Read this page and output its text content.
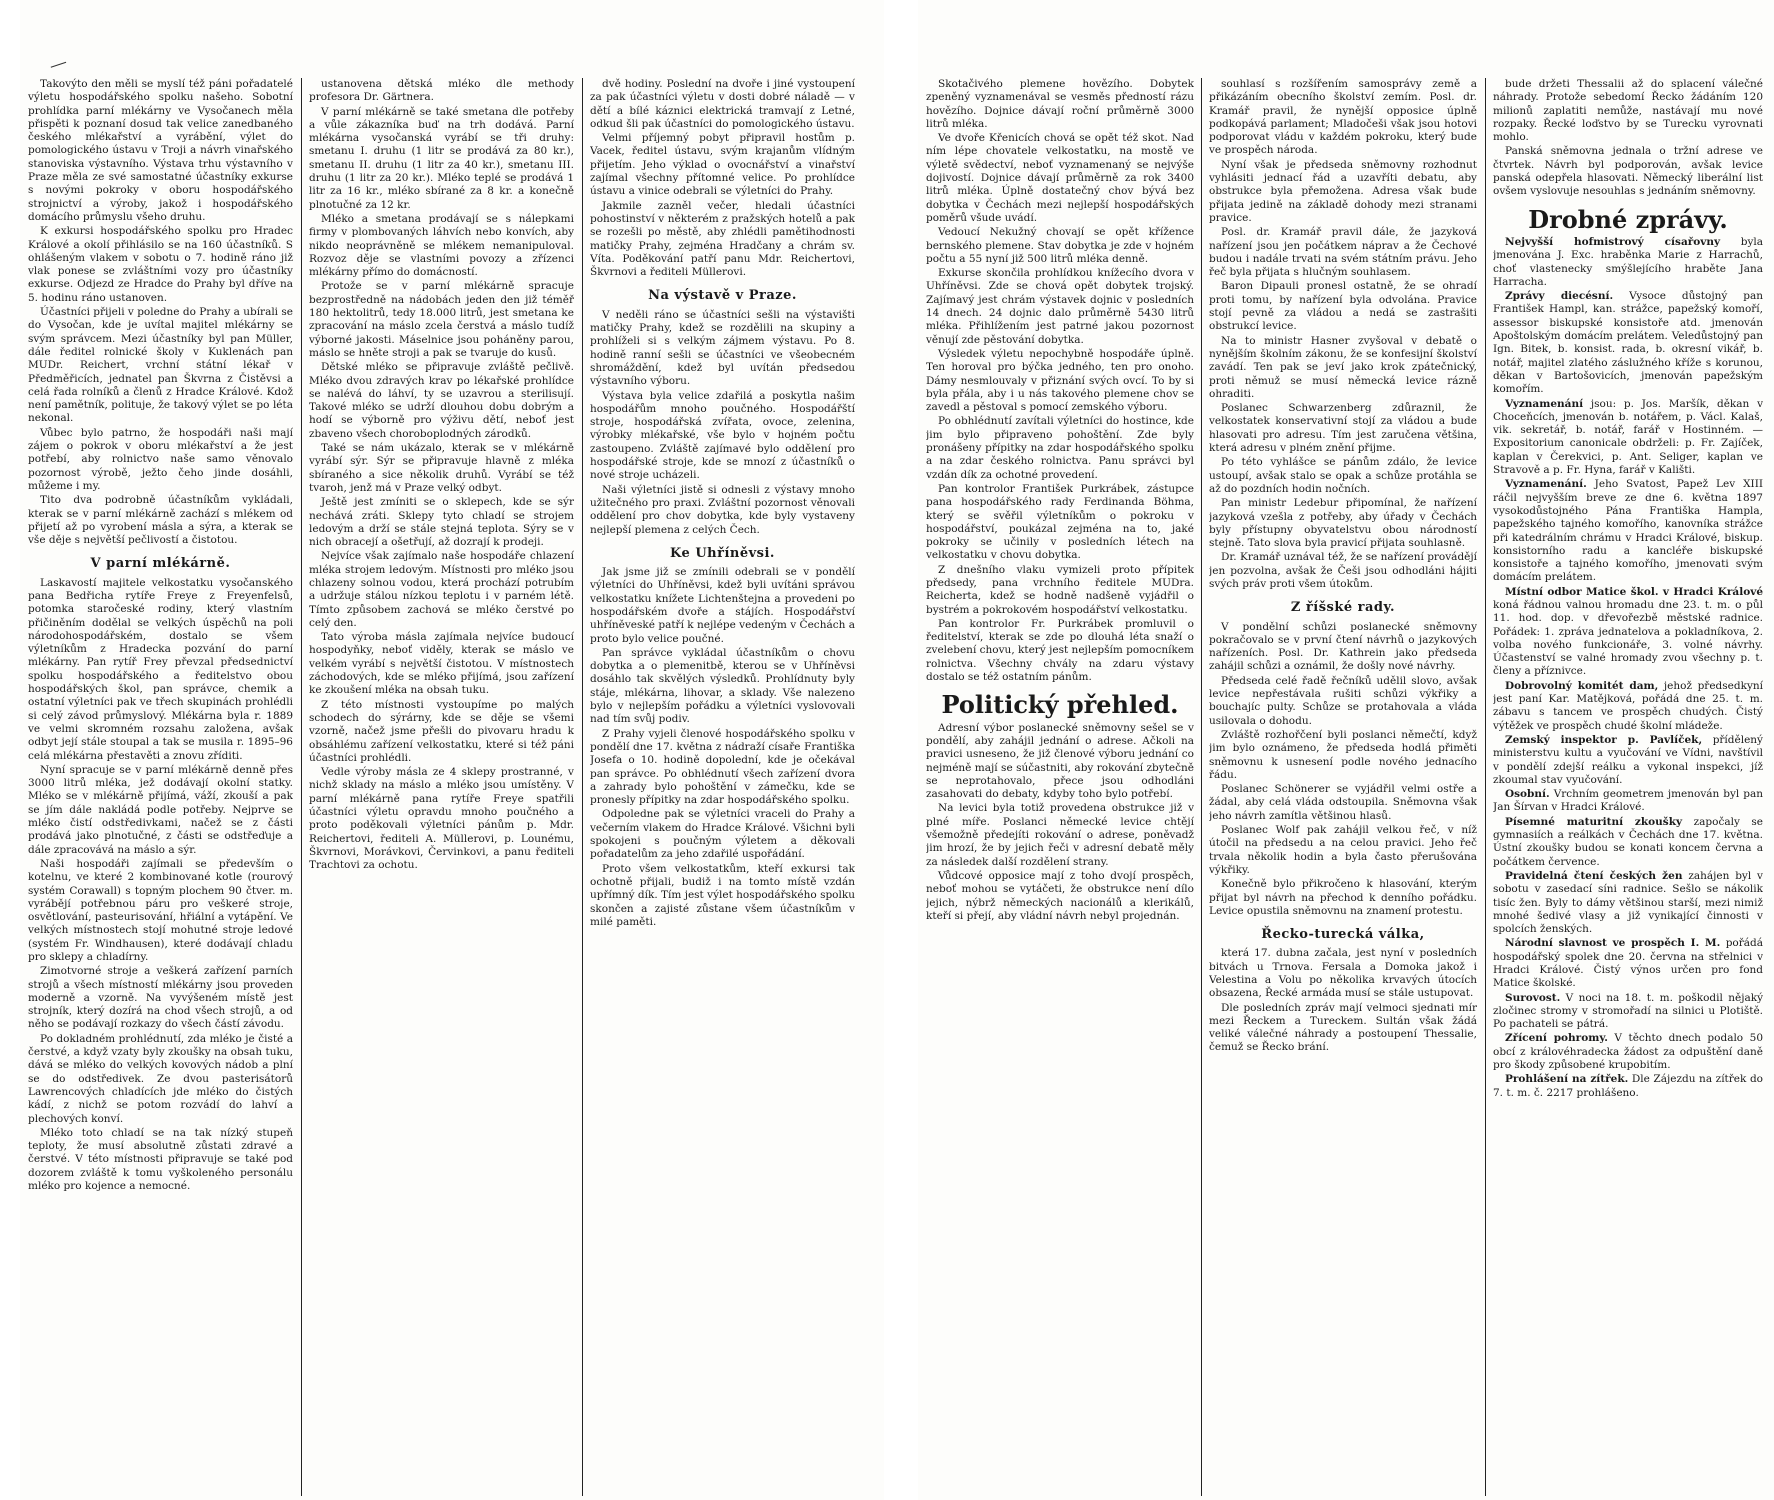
Takovýto den měli se myslí též páni pořadatelé výletu hospodářského spolku našeho. Sobotní prohlídka parní mlékárny ve Vysočanech měla přispěti k poznaní dosud tak velice zanedbaného českého mlékařství a vyrábění, výlet do pomologického ústavu v Troji a návrh vinařského stanoviska výstavního. Výstava trhu výstavního v Praze měla ze své samostatné účastníky exkurse s novými pokroky v oboru hospodářského strojnictví a výroby, jakož i hospodářského domácího průmyslu všeho druhu.

K exkursi hospodářského spolku pro Hradec Králové a okolí přihlásilo se na 160 účastníků. S ohlášeným vlakem v sobotu o 7. hodině ráno již vlak ponese se zvláštními vozy pro účastníky exkurse. Odjezd ze Hradce do Prahy byl dříve na 5. hodinu ráno ustanoven.

Účastníci přijeli v poledne do Prahy a ubírali se do Vysočan, kde je uvítal majitel mlékárny se svým správcem. Mezi účastníky byl pan Müller, dále ředitel rolnické školy v Kuklenách pan MUDr. Reichert, vrchní státní lékař v Předměřicích, jednatel pan Škvrna z Čistěvsi a celá řada rolníků a členů z Hradce Králové. Kdož není pamětník, polituje, že takový výlet se po léta nekonal.

Vůbec bylo patrno, že hospodáři naši mají zájem o pokrok v oboru mlékařství a že jest potřebí, aby rolnictvo naše samo věnovalo pozornost výrobě, ježto čeho jinde dosáhli, můžeme i my.

Tito dva podrobně účastníkům vykládali, kterak se v parní mlékárně zachází s mlékem od přijetí až po vyrobení másla a sýra, a kterak se vše děje s největší pečlivostí a čistotou.

V parní mlékárně.

Laskavostí majitele velkostatku vysočanského pana Bedřicha rytíře Freye z Freyenfelsů, potomka staročeské rodiny, který vlastním přičiněním dodělal se velkých úspěchů na poli národohospodářském, dostalo se všem výletníkům z Hradecka pozvání do parní mlékárny. Pan rytíř Frey převzal předsednictví spolku hospodářského a ředitelstvo obou hospodářských škol, pan správce, chemik a ostatní výletníci pak ve třech skupinách prohlédli si celý závod průmyslový. Mlékárna byla r. 1889 ve velmi skromném rozsahu založena, avšak odbyt její stále stoupal a tak se musila r. 1895–96 celá mlékárna přestavěti a znovu zříditi.

Nyní spracuje se v parní mlékárně denně přes 3000 litrů mléka, jež dodávají okolní statky. Mléko se v mlékárně přijímá, váží, zkouší a pak se jím dále nakládá podle potřeby. Nejprve se mléko čistí odstředivkami, načež se z části prodává jako plnotučné, z části se odstřeďuje a dále zpracovává na máslo a sýr.

Naši hospodáři zajímali se především o kotelnu, ve které 2 kombinované kotle (rourový systém Corawall) s topným plochem 90 čtver. m. vyrábějí potřebnou páru pro veškeré stroje, osvětlování, pasteurisování, hřiální a vytápění. Ve velkých místnostech stojí mohutné stroje ledové (systém Fr. Windhausen), které dodávají chladu pro sklepy a chladírny.

Zimotvorné stroje a veškerá zařízení parních strojů a všech místností mlékárny jsou proveden moderně a vzorně. Na vyvýšeném místě jest strojník, který dozírá na chod všech strojů, a od něho se podávají rozkazy do všech částí závodu.

Po dokladném prohlédnutí, zda mléko je čisté a čerstvé, a když vzaty byly zkoušky na obsah tuku, dává se mléko do velkých kovových nádob a plní se do odstředivek. Ze dvou pasterisátorů Lawrencových chladících jde mléko do čistých kádí, z nichž se potom rozvádí do lahví a plechových konví.

Mléko toto chladí se na tak nízký stupeň teploty, že musí absolutně zůstati zdravé a čerstvé. V této místnosti připravuje se také pod dozorem zvláště k tomu vyškoleného personálu mléko pro kojence a nemocné.

ustanovena dětská mléko dle methody profesora Dr. Gärtnera.

V parní mlékárně se také smetana dle potřeby a vůle zákazníka buď na trh dodává. Parní mlékárna vysočanská vyrábí se tři druhy: smetanu I. druhu (1 litr se prodává za 80 kr.), smetanu II. druhu (1 litr za 40 kr.), smetanu III. druhu (1 litr za 20 kr.). Mléko teplé se prodává 1 litr za 16 kr., mléko sbírané za 8 kr. a konečně plnotučné za 12 kr.

Mléko a smetana prodávají se s nálepkami firmy v plombovaných láhvích nebo konvích, aby nikdo neoprávněně se mlékem nemanipuloval. Rozvoz děje se vlastními povozy a zřízenci mlékárny přímo do domácností.

Protože se v parní mlékárně spracuje bezprostředně na nádobách jeden den již téměř 180 hektolitrů, tedy 18.000 litrů, jest smetana ke zpracování na máslo zcela čerstvá a máslo tudíž výborné jakosti. Máselnice jsou poháněny parou, máslo se hněte stroji a pak se tvaruje do kusů.

Dětské mléko se připravuje zvláště pečlivě. Mléko dvou zdravých krav po lékařské prohlídce se nalévá do láhví, ty se uzavrou a sterilisují. Takové mléko se udrží dlouhou dobu dobrým a hodí se výborně pro výživu dětí, neboť jest zbaveno všech choroboplodných zárodků.

Také se nám ukázalo, kterak se v mlékárně vyrábí sýr. Sýr se připravuje hlavně z mléka sbíraného a sice několik druhů. Vyrábí se též tvaroh, jenž má v Praze velký odbyt.

Ještě jest zmíniti se o sklepech, kde se sýr nechává zráti. Sklepy tyto chladí se strojem ledovým a drží se stále stejná teplota. Sýry se v nich obracejí a ošetřují, až dozrají k prodeji.

Nejvíce však zajímalo naše hospodáře chlazení mléka strojem ledovým. Místnosti pro mléko jsou chlazeny solnou vodou, která prochází potrubím a udržuje stálou nízkou teplotu i v parném létě. Tímto způsobem zachová se mléko čerstvé po celý den.

Tato výroba másla zajímala nejvíce budoucí hospodyňky, neboť viděly, kterak se máslo ve velkém vyrábí s největší čistotou. V místnostech záchodových, kde se mléko přijímá, jsou zařízení ke zkoušení mléka na obsah tuku.

Z této místnosti vystoupíme po malých schodech do sýrárny, kde se děje se všemi vzorně, načež jsme přešli do pivovaru hradu k obsáhlému zařízení velkostatku, které si též páni účastníci prohlédli.

Vedle výroby másla ze 4 sklepy prostranné, v nichž sklady na máslo a mléko jsou umístěny. V parní mlékárně pana rytíře Freye spatřili účastníci výletu opravdu mnoho poučného a proto poděkovali výletníci pánům p. Mdr. Reichertovi, řediteli A. Müllerovi, p. Lounému, Škvrnovi, Morávkovi, Červinkovi, a panu řediteli Trachtovi za ochotu.

dvě hodiny. Poslední na dvoře i jiné vystoupení za pak účastníci výletu v dosti dobré náladě — v dětí a bílé káznici elektrická tramvají z Letné, odkud šli pak účastníci do pomologického ústavu.

Velmi příjemný pobyt připravil hostům p. Vacek, ředitel ústavu, svým krajanům vlídným přijetím. Jeho výklad o ovocnářství a vinařství zajímal všechny přítomné velice. Po prohlídce ústavu a vinice odebrali se výletníci do Prahy.

Jakmile zazněl večer, hledali účastníci pohostinství v některém z pražských hotelů a pak se rozešli po městě, aby zhlédli pamětihodnosti matičky Prahy, zejména Hradčany a chrám sv. Víta. Poděkování patří panu Mdr. Reichertovi, Škvrnovi a řediteli Müllerovi.

Na výstavě v Praze.

V neděli ráno se účastníci sešli na výstavišti matičky Prahy, kdež se rozdělili na skupiny a prohlíželi si s velkým zájmem výstavu. Po 8. hodině ranní sešli se účastníci ve všeobecném shromáždění, kdež byl uvítán předsedou výstavního výboru.

Výstava byla velice zdařilá a poskytla našim hospodářům mnoho poučného. Hospodářští stroje, hospodářská zvířata, ovoce, zelenina, výrobky mlékařské, vše bylo v hojném počtu zastoupeno. Zvláště zajímavé bylo oddělení pro hospodářské stroje, kde se mnozí z účastníků o nové stroje ucházeli.

Naši výletníci jistě si odnesli z výstavy mnoho užitečného pro praxi. Zvláštní pozornost věnovali oddělení pro chov dobytka, kde byly vystaveny nejlepší plemena z celých Čech.

Ke Uhříněvsi.

Jak jsme již se zmínili odebrali se v pondělí výletníci do Uhříněvsi, kdež byli uvítáni správou velkostatku knížete Lichtenštejna a provedeni po hospodářském dvoře a stájích. Hospodářství uhříněveské patří k nejlépe vedeným v Čechách a proto bylo velice poučné.

Pan správce vykládal účastníkům o chovu dobytka a o plemenitbě, kterou se v Uhříněvsi dosáhlo tak skvělých výsledků. Prohlídnuty byly stáje, mlékárna, lihovar, a sklady. Vše nalezeno bylo v nejlepším pořádku a výletníci vyslovovali nad tím svůj podiv.

Z Prahy vyjeli členové hospodářského spolku v pondělí dne 17. května z nádraží císaře Františka Josefa o 10. hodině dopolední, kde je očekával pan správce. Po obhlédnutí všech zařízení dvora a zahrady bylo pohoštění v zámečku, kde se pronesly přípitky na zdar hospodářského spolku.

Odpoledne pak se výletníci vraceli do Prahy a večerním vlakem do Hradce Králové. Všichni byli spokojeni s poučným výletem a děkovali pořadatelům za jeho zdařilé uspořádání.

Proto všem velkostatkům, kteří exkursi tak ochotně přijali, budiž i na tomto místě vzdán upřímný dík. Tím jest výlet hospodářského spolku skončen a zajisté zůstane všem účastníkům v milé paměti.

Skotačivého plemene hovězího. Dobytek zpeněný vyznamenával se vesměs předností rázu hovězího. Dojnice dávají roční průměrně 3000 litrů mléka.

Ve dvoře Křenicích chová se opět též skot. Nad ním lépe chovatele velkostatku, na mostě ve výletě svědectví, neboť vyznamenaný se nejvýše dojivostí. Dojnice dávají průměrně za rok 3400 litrů mléka. Úplně dostatečný chov bývá bez dobytka v Čechách mezi nejlepší hospodářských poměrů všude uvádí.

Vedoucí Nekužný chovají se opět křížence bernského plemene. Stav dobytka je zde v hojném počtu a 55 nyní již 500 litrů mléka denně.

Exkurse skončila prohlídkou knížecího dvora v Uhříněvsi. Zde se chová opět dobytek trojský. Zajímavý jest chrám výstavek dojnic v posledních 14 dnech. 24 dojnic dalo průměrně 5430 litrů mléka. Přihlížením jest patrné jakou pozornost věnují zde pěstování dobytka.

Výsledek výletu nepochybně hospodáře úplně. Ten horoval pro býčka jedného, ten pro onoho. Dámy nesmlouvaly v přiznání svých ovcí. To by si byla přála, aby i u nás takového plemene chov se zavedl a pěstoval s pomocí zemského výboru.

Po obhlédnutí zavítali výletníci do hostince, kde jim bylo připraveno pohoštění. Zde byly pronášeny přípitky na zdar hospodářského spolku a na zdar českého rolnictva. Panu správci byl vzdán dík za ochotné provedení.

Pan kontrolor František Purkrábek, zástupce pana hospodářského rady Ferdinanda Böhma, který se svěřil výletníkům o pokroku v hospodářství, poukázal zejména na to, jaké pokroky se učinily v posledních létech na velkostatku v chovu dobytka.

Z dnešního vlaku vymizeli proto přípitek předsedy, pana vrchního ředitele MUDra. Reicherta, kdež se hodně nadšeně vyjádřil o bystrém a pokrokovém hospodářství velkostatku.

Pan kontrolor Fr. Purkrábek promluvil o ředitelství, kterak se zde po dlouhá léta snaží o zvelebení chovu, který jest nejlepším pomocníkem rolnictva. Všechny chvály na zdaru výstavy dostalo se též ostatním pánům.

Politický přehled.

Adresní výbor poslanecké sněmovny sešel se v pondělí, aby zahájil jednání o adrese. Ačkoli na pravici usneseno, že již členové výboru jednání co nejméně mají se súčastniti, aby rokování zbytečně se neprotahovalo, přece jsou odhodláni zasahovati do debaty, kdyby toho bylo potřebí.

Na levici byla totiž provedena obstrukce již v plné míře. Poslanci německé levice chtějí všemožně předejíti rokování o adrese, poněvadž jim hrozí, že by jejich řeči v adresní debatě měly za následek další rozdělení strany.

Vůdcové opposice mají z toho dvojí prospěch, neboť mohou se vytáčeti, že obstrukce není dílo jejich, nýbrž německých nacionálů a klerikálů, kteří si přejí, aby vládní návrh nebyl projednán.

souhlasí s rozšířením samosprávy země a přikázáním obecního školství zemím. Posl. dr. Kramář pravil, že nynější opposice úplně podkopává parlament; Mladočeši však jsou hotovi podporovat vládu v každém pokroku, který bude ve prospěch národa.

Nyní však je předseda sněmovny rozhodnut vyhlásiti jednací řád a uzavříti debatu, aby obstrukce byla přemožena. Adresa však bude přijata jedině na základě dohody mezi stranami pravice.

Posl. dr. Kramář pravil dále, že jazyková nařízení jsou jen počátkem náprav a že Čechové budou i nadále trvati na svém státním právu. Jeho řeč byla přijata s hlučným souhlasem.

Baron Dipauli pronesl ostatně, že se ohradí proti tomu, by nařízení byla odvolána. Pravice stojí pevně za vládou a nedá se zastrašiti obstrukcí levice.

Na to ministr Hasner zvyšoval v debatě o nynějším školním zákonu, že se konfesijní školství zavádí. Ten pak se jeví jako krok zpátečnický, proti němuž se musí německá levice rázně ohraditi.

Poslanec Schwarzenberg zdůraznil, že velkostatek konservativní stojí za vládou a bude hlasovati pro adresu. Tím jest zaručena většina, která adresu v plném znění přijme.

Po této vyhlášce se pánům zdálo, že levice ustoupí, avšak stalo se opak a schůze protáhla se až do pozdních hodin nočních.

Pan ministr Ledebur připomínal, že nařízení jazyková vzešla z potřeby, aby úřady v Čechách byly přístupny obyvatelstvu obou národností stejně. Tato slova byla pravicí přijata souhlasně.

Dr. Kramář uznával též, že se nařízení provádějí jen pozvolna, avšak že Češi jsou odhodláni hájiti svých práv proti všem útokům.

Z říšské rady.

V pondělní schůzi poslanecké sněmovny pokračovalo se v první čtení návrhů o jazykových nařízeních. Posl. Dr. Kathrein jako předseda zahájil schůzi a oznámil, že došly nové návrhy.

Předseda celé řadě řečníků udělil slovo, avšak levice nepřestávala rušiti schůzi výkřiky a bouchajíc pulty. Schůze se protahovala a vláda usilovala o dohodu.

Zvláště rozhořčení byli poslanci němečtí, když jim bylo oznámeno, že předseda hodlá přiměti sněmovnu k usnesení podle nového jednacího řádu.

Poslanec Schönerer se vyjádřil velmi ostře a žádal, aby celá vláda odstoupila. Sněmovna však jeho návrh zamítla většinou hlasů.

Poslanec Wolf pak zahájil velkou řeč, v níž útočil na předsedu a na celou pravici. Jeho řeč trvala několik hodin a byla často přerušována výkřiky.

Konečně bylo přikročeno k hlasování, kterým přijat byl návrh na přechod k denního pořádku. Levice opustila sněmovnu na znamení protestu.

Řecko-turecká válka,

která 17. dubna začala, jest nyní v posledních bitvách u Trnova. Fersala a Domoka jakož i Velestina a Volu po několika krvavých útocích obsazena, Řecké armáda musí se stále ustupovat.

Dle posledních zpráv mají velmoci sjednati mír mezi Řeckem a Tureckem. Sultán však žádá veliké válečné náhrady a postoupení Thessalie, čemuž se Řecko brání.

bude držeti Thessalii až do splacení válečné náhrady. Protože sebedomí Řecko žádáním 120 milionů zaplatiti nemůže, nastávají mu nové rozpaky. Řecké loďstvo by se Turecku vyrovnati mohlo.

Panská sněmovna jednala o tržní adrese ve čtvrtek. Návrh byl podporován, avšak levice panská odepřela hlasovati. Německý liberální list ovšem vyslovuje nesouhlas s jednáním sněmovny.

Drobné zprávy.

Nejvyšší hofmistrový císařovny byla jmenována J. Exc. hraběnka Marie z Harrachů, choť vlastenecky smýšlejícího hraběte Jana Harracha.

Zprávy diecésní. Vysoce důstojný pan František Hampl, kan. strážce, papežský komoří, assessor biskupské konsistoře atd. jmenován Apoštolským domácím prelátem. Veledůstojný pan Ign. Bitek, b. konsist. rada, b. okresní vikář, b. notář, majitel zlatého záslužného kříže s korunou, děkan v Bartošovicích, jmenován papežským komořím.

Vyznamenání jsou: p. Jos. Maršík, děkan v Choceňcích, jmenován b. notářem, p. Václ. Kalaš, vik. sekretář, b. notář, farář v Hostinném. — Expositorium canonicale obdrželi: p. Fr. Zajíček, kaplan v Čerekvici, p. Ant. Seliger, kaplan ve Stravově a p. Fr. Hyna, farář v Kališti.

Vyznamenání. Jeho Svatost, Papež Lev XIII ráčil nejvyšším breve ze dne 6. května 1897 vysokodůstojného Pána Františka Hampla, papežského tajného komořího, kanovníka strážce při katedrálním chrámu v Hradci Králové, biskup. konsistorního radu a kancléře biskupské konsistoře a tajného komořího, jmenovati svým domácím prelátem.

Místní odbor Matice škol. v Hradci Králové koná řádnou valnou hromadu dne 23. t. m. o půl 11. hod. dop. v dřevořezbě městské radnice. Pořádek: 1. zpráva jednatelova a pokladníkova, 2. volba nového funkcionáře, 3. volné návrhy. Účastenství se valné hromady zvou všechny p. t. členy a příznivce.

Dobrovolný komitét dam, jehož předsedkyní jest paní Kar. Matějková, pořádá dne 25. t. m. zábavu s tancem ve prospěch chudých. Čistý výtěžek ve prospěch chudé školní mládeže.

Zemský inspektor p. Pavlíček, přídělený ministerstvu kultu a vyučování ve Vídni, navštívil v pondělí zdejší reálku a vykonal inspekci, jíž zkoumal stav vyučování.

Osobní. Vrchním geometrem jmenován byl pan Jan Šírvan v Hradci Králové.

Písemné maturitní zkoušky započaly se gymnasiích a reálkách v Čechách dne 17. května. Ústní zkoušky budou se konati koncem června a počátkem července.

Pravidelná čtení českých žen zahájen byl v sobotu v zasedací síni radnice. Sešlo se nákolik tisíc žen. Byly to dámy většinou starší, mezi nimiž mnohé šedivé vlasy a již vynikající činnosti v spolcích ženských.

Národní slavnost ve prospěch I. M. pořádá hospodářský spolek dne 20. června na střelnici v Hradci Králové. Čistý výnos určen pro fond Matice školské.

Surovost. V noci na 18. t. m. poškodil nějaký zločinec stromy v stromořadí na silnici u Plotiště. Po pachateli se pátrá.

Zřícení pohromy. V těchto dnech podalo 50 obcí z královéhradecka žádost za odpuštění daně pro škody způsobené krupobitím.

Prohlášení na zítřek. Dle Zájezdu na zítřek do 7. t. m. č. 2217 prohlášeno.
